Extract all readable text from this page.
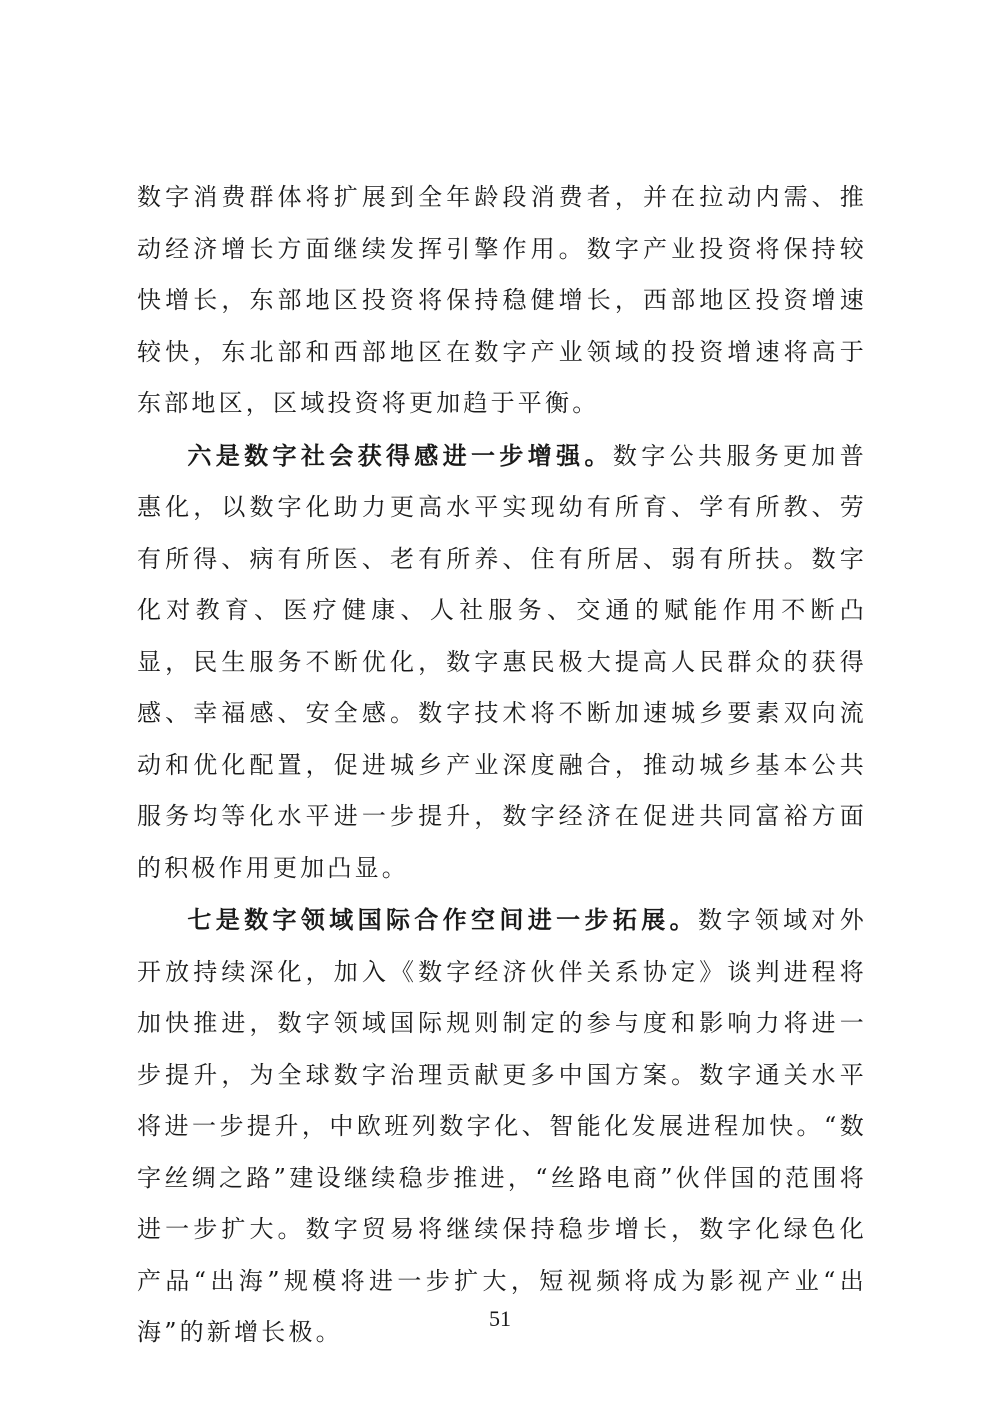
数字消费群体将扩展到全年龄段消费者，并在拉动内需、推动经济增长方面继续发挥引擎作用。数字产业投资将保持较快增长，东部地区投资将保持稳健增长，西部地区投资增速较快，东北部和西部地区在数字产业领域的投资增速将高于东部地区，区域投资将更加趋于平衡。

六是数字社会获得感进一步增强。数字公共服务更加普惠化，以数字化助力更高水平实现幼有所育、学有所教、劳有所得、病有所医、老有所养、住有所居、弱有所扶。数字化对教育、医疗健康、人社服务、交通的赋能作用不断凸显，民生服务不断优化，数字惠民极大提高人民群众的获得感、幸福感、安全感。数字技术将不断加速城乡要素双向流动和优化配置，促进城乡产业深度融合，推动城乡基本公共服务均等化水平进一步提升，数字经济在促进共同富裕方面的积极作用更加凸显。

七是数字领域国际合作空间进一步拓展。数字领域对外开放持续深化，加入《数字经济伙伴关系协定》谈判进程将加快推进，数字领域国际规则制定的参与度和影响力将进一步提升，为全球数字治理贡献更多中国方案。数字通关水平将进一步提升，中欧班列数字化、智能化发展进程加快。“数字丝绸之路”建设继续稳步推进，“丝路电商”伙伴国的范围将进一步扩大。数字贸易将继续保持稳步增长，数字化绿色化产品“出海”规模将进一步扩大，短视频将成为影视产业“出海”的新增长极。	51
